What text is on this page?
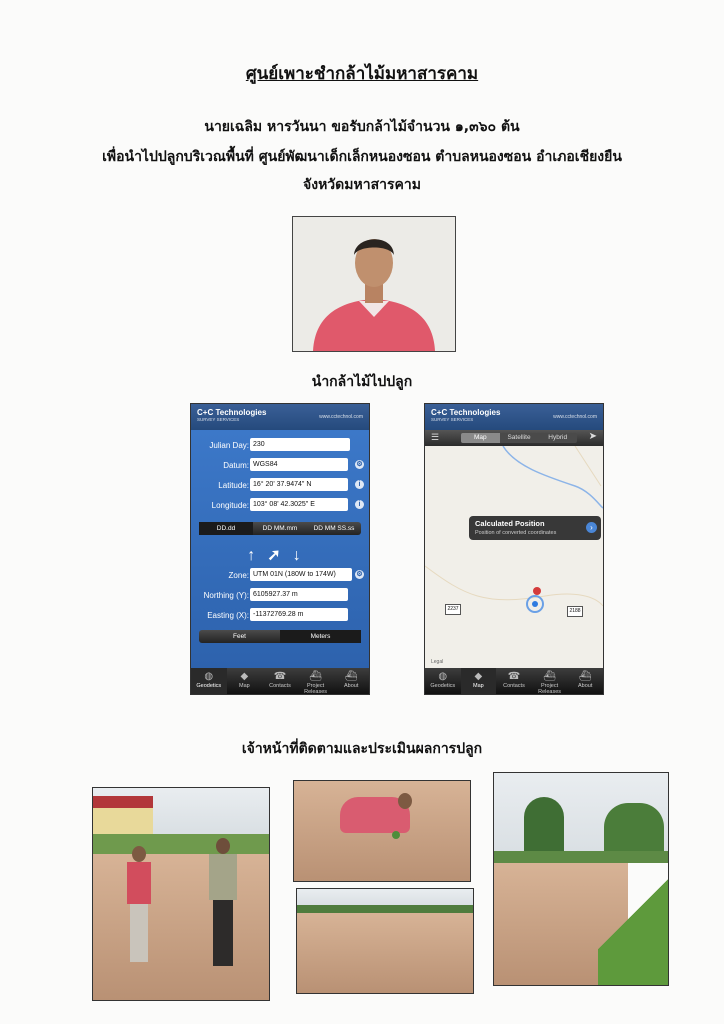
ศูนย์เพาะชำกล้าไม้มหาสารคาม
นายเฉลิม หารวันนา ขอรับกล้าไม้จำนวน ๑,๓๖๐ ต้น
เพื่อนำไปปลูกบริเวณพื้นที่ ศูนย์พัฒนาเด็กเล็กหนองซอน ตำบลหนองซอน อำเภอเชียงยืน
จังหวัดมหาสารคาม
นำกล้าไม้ไปปลูก
C+C Technologies
SURVEY SERVICES	www.cctechnol.com
Julian Day: 230
Datum: WGS84	⚙
Latitude: 16° 20' 37.9474" N	i
Longitude: 103° 08' 42.3025" E	i
DD.dd	DD MM.mm	DD MM SS.ss
↑➚↓
Zone: UTM 01N (180W to 174W)	⚙
Northing (Y): 6105927.37 m
Easting (X): -11372769.28 m
Feet	Meters
◍
Geodetics
◆
Map
☎
Contacts
⛴
Project Releases
⛴
About
C+C Technologies
SURVEY SERVICES	www.cctechnol.com
☰	Map	Satellite	Hybrid	➤
2237	2188
Calculated Position
Position of converted coordinates
›
Legal
◍
Geodetics
◆
Map
☎
Contacts
⛴
Project Releases
⛴
About
เจ้าหน้าที่ติดตามและประเมินผลการปลูก
